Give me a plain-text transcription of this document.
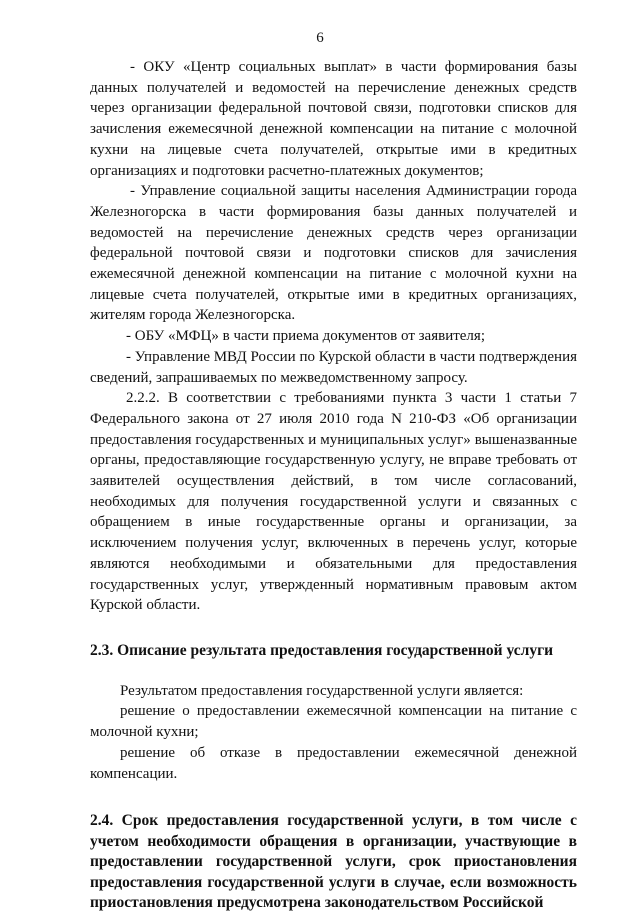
6

- ОКУ «Центр социальных выплат» в части формирования базы данных получателей и ведомостей на перечисление денежных средств через организации федеральной почтовой связи, подготовки списков для зачисления ежемесячной денежной компенсации на питание с молочной кухни на лицевые счета получателей, открытые ими в кредитных организациях и подготовки расчетно-платежных документов;

- Управление социальной защиты населения Администрации города Железногорска в части формирования базы данных получателей и ведомостей на перечисление денежных средств через организации федеральной почтовой связи и подготовки списков для зачисления ежемесячной денежной компенсации на питание с молочной кухни на лицевые счета получателей, открытые ими в кредитных организациях, жителям города Железногорска.

- ОБУ «МФЦ» в части приема документов от заявителя;

- Управление МВД России по Курской области в части подтверждения сведений, запрашиваемых по межведомственному запросу.

2.2.2. В соответствии с требованиями пункта 3 части 1 статьи 7 Федерального закона от 27 июля 2010 года N 210-ФЗ «Об организации предоставления государственных и муниципальных услуг» вышеназванные органы, предоставляющие государственную услугу, не вправе требовать от заявителей осуществления действий, в том числе согласований, необходимых для получения государственной услуги и связанных с обращением в иные государственные органы и организации, за исключением получения услуг, включенных в перечень услуг, которые являются необходимыми и обязательными для предоставления государственных услуг, утвержденный нормативным правовым актом Курской области.

2.3. Описание результата предоставления государственной услуги

Результатом предоставления государственной услуги является:

решение о предоставлении ежемесячной компенсации на питание с молочной кухни;

решение об отказе в предоставлении ежемесячной денежной компенсации.

2.4. Срок предоставления государственной услуги, в том числе с учетом необходимости обращения в организации, участвующие в предоставлении государственной услуги, срок приостановления предоставления государственной услуги в случае, если возможность приостановления предусмотрена законодательством Российской
